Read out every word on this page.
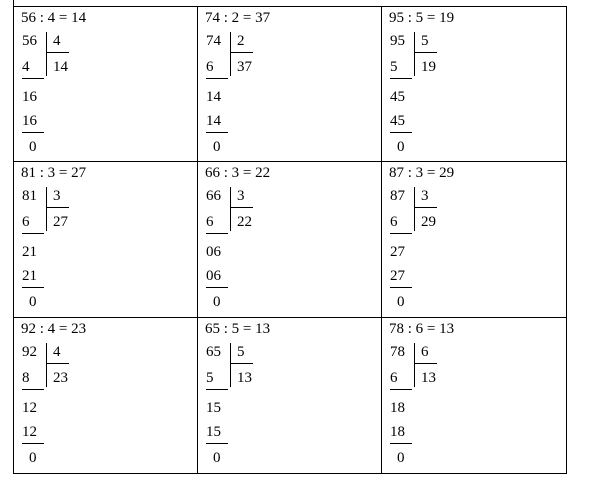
56 : 4 = 14
56 4
14
4
16
16
0
74 : 2 = 37
74 2
37
6
14
14
0
95 : 5 = 19
95 5
19
5
45
45
0
81 : 3 = 27
81 3
27
6
21
21
0
66 : 3 = 22
66 3
22
6
06
06
0
87 : 3 = 29
87 3
29
6
27
27
0
92 : 4 = 23
92 4
23
8
12
12
0
65 : 5 = 13
65 5
13
5
15
15
0
78 : 6 = 13
78 6
13
6
18
18
0
